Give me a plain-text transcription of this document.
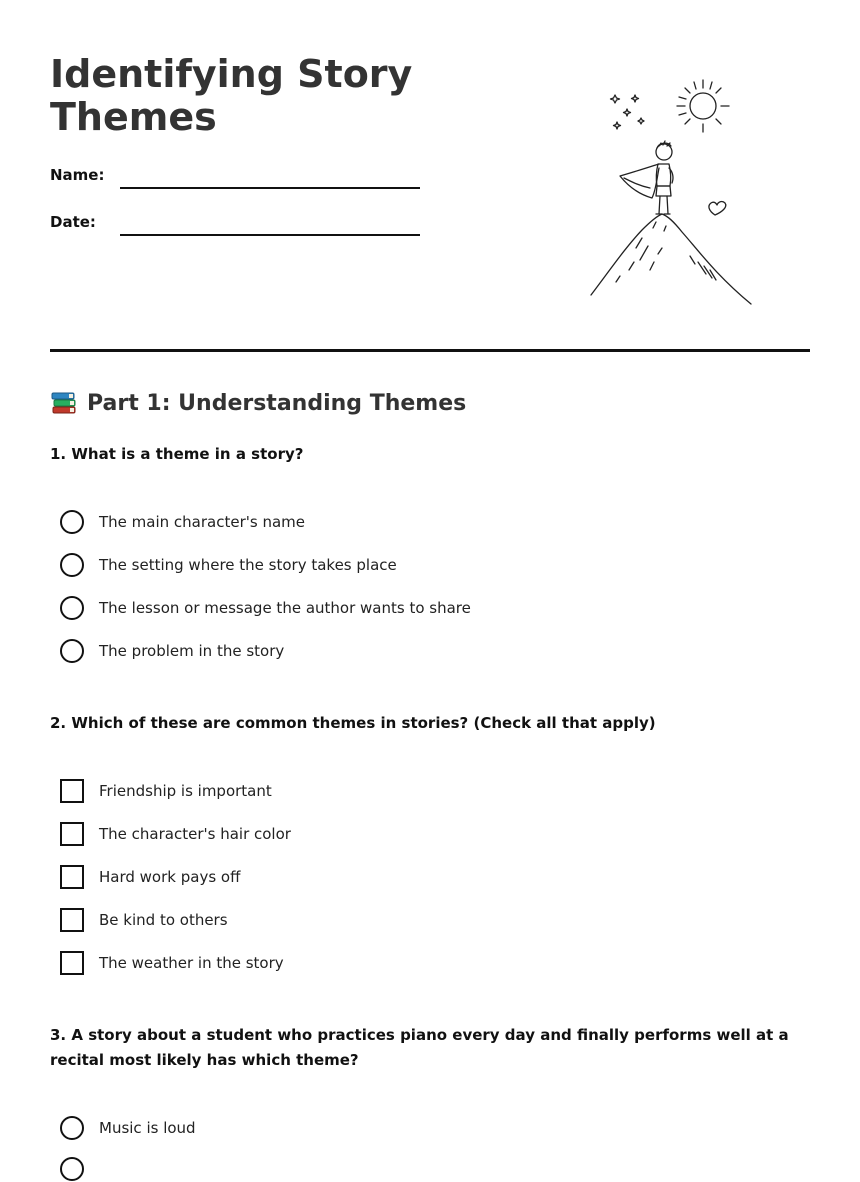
Identifying Story Themes
Name:
Date:
Part 1: Understanding Themes
1. What is a theme in a story?
The main character's name
The setting where the story takes place
The lesson or message the author wants to share
The problem in the story
2. Which of these are common themes in stories? (Check all that apply)
Friendship is important
The character's hair color
Hard work pays off
Be kind to others
The weather in the story
3. A story about a student who practices piano every day and finally performs well at a recital most likely has which theme?
Music is loud
